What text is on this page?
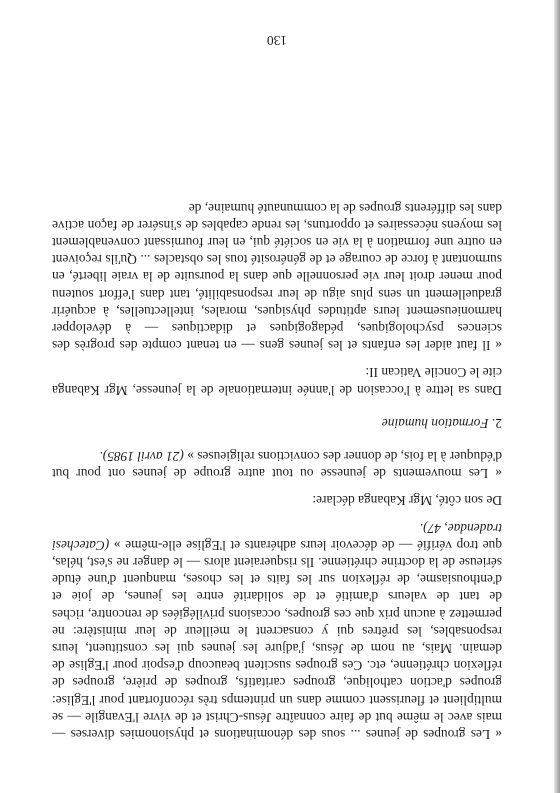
« Les groupes de jeunes ... sous des dénominations et physionomies diverses — mais avec le même but de faire connaître Jésus-Christ et de vivre l'Evangile — se multiplient et fleurissent comme dans un printemps très réconfortant pour l'Eglise: groupes d'action catholique, groupes caritatifs, groupes de prière, groupes de réflexion chrétienne, etc. Ces groupes suscitent beaucoup d'espoir pour l'Eglise de demain. Mais, au nom de Jésus, j'adjure les jeunes qui les constituent, leurs responsables, les prêtres qui y consacrent le meilleur de leur ministère: ne permettez à aucun prix que ces groupes, occasions privilégiées de rencontre, riches de tant de valeurs d'amitié et de solidarité entre les jeunes, de joie et d'enthousiasme, de réflexion sur les faits et les choses, manquent d'une étude sérieuse de la doctrine chrétienne. Ils risqueraient alors — le danger ne s'est, hélas, que trop vérifié — de décevoir leurs adhérants et l'Eglise elle-même » (Catechesi tradendae, 47).

De son côté, Mgr Kabanga déclare:

« Les mouvements de jeunesse ou tout autre groupe de jeunes ont pour but d'éduquer à la fois, de donner des convictions religieuses » (21 avril 1985).

2. Formation humaine

Dans sa lettre à l'occasion de l'année internationale de la jeunesse, Mgr Kabanga cite le Concile Vatican II:

« Il faut aider les enfants et les jeunes gens — en tenant compte des progrès des sciences psychologiques, pédagogiques et didactiques — à développer harmonieusement leurs aptitudes physiques, morales, intellectuelles, à acquérir graduellement un sens plus aigu de leur responsabilité, tant dans l'effort soutenu pour mener droit leur vie personnelle que dans la poursuite de la vraie liberté, en surmontant à force de courage et de générosité tous les obstacles ... Qu'ils reçoivent en outre une formation à la vie en société qui, en leur fournissant convenablement les moyens nécessaires et opportuns, les rende capables de s'insérer de façon active dans les différents groupes de la communauté humaine, de

130
